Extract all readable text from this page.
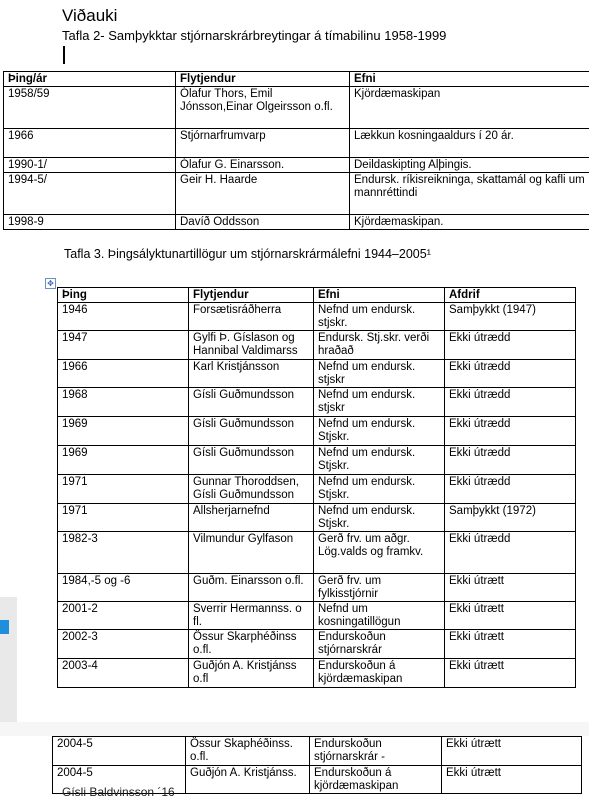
Viðauki
Tafla 2- Samþykktar stjórnarskrárbreytingar á tímabilinu 1958-1999
Þing/ár	Flytjendur	Efni
1958/59	Ólafur Thors, Emil Jónsson,Einar Olgeirsson o.fl.	Kjördæmaskipan
1966	Stjórnarfrumvarp	Lækkun kosningaaldurs í 20 ár.
1990-1/	Ólafur G. Einarsson.	Deildaskipting Alþingis.
1994-5/	Geir H. Haarde	Endursk. ríkisreikninga, skattamál og kafli um mannréttindi
1998-9	Davíð Oddsson	Kjördæmaskipan.
Tafla 3. Þingsályktunartillögur um stjórnarskrármálefni 1944–2005¹
✥
Þing	Flytjendur	Efni	Afdrif
1946	Forsætisráðherra	Nefnd um endursk. stjskr.	Samþykkt (1947)
1947	Gylfi Þ. Gíslason og Hannibal Valdimarss	Endursk. Stj.skr. verði hraðað	Ekki útrædd
1966	Karl Kristjánsson	Nefnd um endursk. stjskr	Ekki útrædd
1968	Gísli Guðmundsson	Nefnd um endursk. stjskr	Ekki útrædd
1969	Gísli Guðmundsson	Nefnd um endursk. Stjskr.	Ekki útrædd
1969	Gísli Guðmundsson	Nefnd um endursk. Stjskr.	Ekki útrædd
1971	Gunnar Thoroddsen, Gísli Guðmundsson	Nefnd um endursk. Stjskr.	Ekki útrædd
1971	Allsherjarnefnd	Nefnd um endursk. Stjskr.	Samþykkt (1972)
1982-3	Vilmundur Gylfason	Gerð frv. um aðgr. Lög.valds og framkv.	Ekki útrædd
1984,-5 og -6	Guðm. Einarsson o.fl.	Gerð frv. um fylkisstjórnir	Ekki útrætt
2001-2	Sverrir Hermannss. o fl.	Nefnd um kosningatillögun	Ekki útrætt
2002-3	Össur Skarphéðinss o.fl.	Endurskoðun stjórnarskrár	Ekki útrætt
2003-4	Guðjón A. Kristjánss o.fl	Endurskoðun á kjördæmaskipan	Ekki útrætt
2004-5	Össur Skaphéðinss. o.fl.	Endurskoðun stjórnarskrár -	Ekki útrætt
2004-5	Guðjón A. Kristjánss.	Endurskoðun á kjördæmaskipan	Ekki útrætt
Gísli Baldvinsson ´16
